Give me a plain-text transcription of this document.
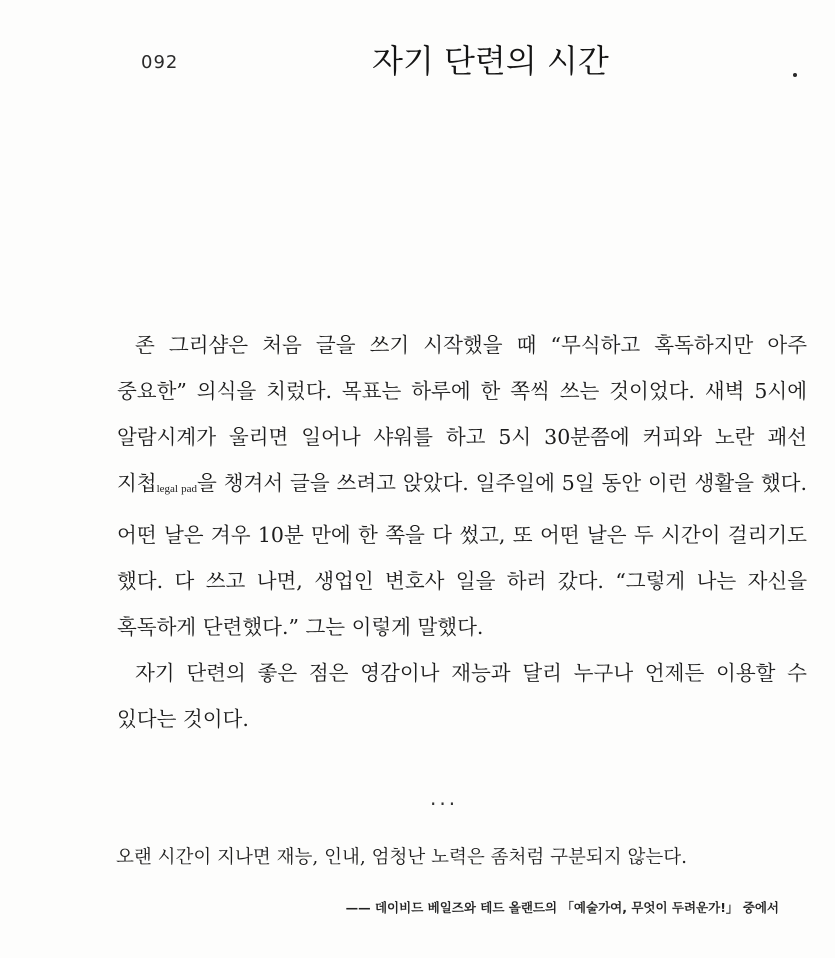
092	자기 단련의 시간

존 그리샴은 처음 글을 쓰기 시작했을 때 “무식하고 혹독하지만 아주 중요한” 의식을 치렀다. 목표는 하루에 한 쪽씩 쓰는 것이었다. 새벽 5시에 알람시계가 울리면 일어나 샤워를 하고 5시 30분쯤에 커피와 노란 괘선 지첩legal pad을 챙겨서 글을 쓰려고 앉았다. 일주일에 5일 동안 이런 생활을 했다. 어떤 날은 겨우 10분 만에 한 쪽을 다 썼고, 또 어떤 날은 두 시간이 걸리기도 했다. 다 쓰고 나면, 생업인 변호사 일을 하러 갔다. “그렇게 나는 자신을 혹독하게 단련했다.” 그는 이렇게 말했다.

자기 단련의 좋은 점은 영감이나 재능과 달리 누구나 언제든 이용할 수 있다는 것이다.

···

오랜 시간이 지나면 재능, 인내, 엄청난 노력은 좀처럼 구분되지 않는다.

—— 데이비드 베일즈와 테드 올랜드의 「예술가여, 무엇이 두려운가!」 중에서
